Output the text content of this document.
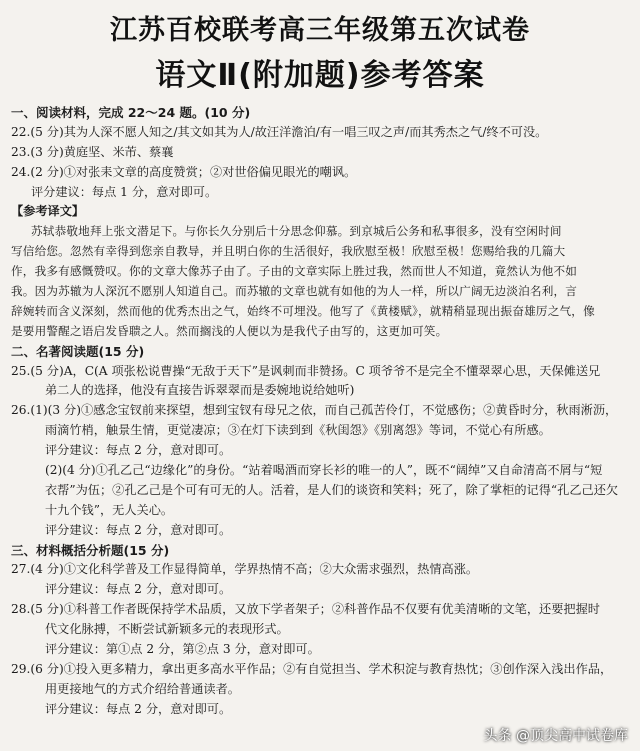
江苏百校联考高三年级第五次试卷
语文Ⅱ(附加题)参考答案
一、阅读材料，完成 22～24 题。(10 分)
22.(5 分)其为人深不愿人知之/其文如其为人/故汪洋澹泊/有一唱三叹之声/而其秀杰之气/终不可没。
23.(3 分)黄庭坚、米芾、蔡襄
24.(2 分)①对张耒文章的高度赞赏；②对世俗偏见眼光的嘲讽。
评分建议：每点 1 分，意对即可。
【参考译文】
苏轼恭敬地拜上张文潜足下。与你长久分别后十分思念仰慕。到京城后公务和私事很多，没有空闲时间
写信给您。忽然有幸得到您亲自教导，并且明白你的生活很好，我欣慰至极！欣慰至极！您赐给我的几篇大
作，我多有感慨赞叹。你的文章大像苏子由了。子由的文章实际上胜过我，然而世人不知道，竟然认为他不如
我。因为苏辙为人深沉不愿别人知道自己。而苏辙的文章也就有如他的为人一样，所以广阔无边淡泊名利，言
辞婉转而含义深刻，然而他的优秀杰出之气，始终不可埋没。他写了《黄楼赋》，就精稍显现出振奋雄厉之气，像
是要用警醒之语启发昏聩之人。然而搁浅的人便以为是我代子由写的，这更加可笑。
二、名著阅读题(15 分)
25.(5 分)A，C(A 项张松说曹操“无敌于天下”是讽刺而非赞扬。C 项爷爷不是完全不懂翠翠心思，天保傩送兄
弟二人的选择，他没有直接告诉翠翠而是委婉地说给她听)
26.(1)(3 分)①感念宝钗前来探望，想到宝钗有母兄之依，而自己孤苦伶仃，不觉感伤；②黄昏时分，秋雨淅沥，
雨滴竹梢，触景生情，更觉凄凉；③在灯下读到到《秋闺怨》《别离怨》等词，不觉心有所感。
评分建议：每点 2 分，意对即可。
(2)(4 分)①孔乙己“边缘化”的身份。“站着喝酒而穿长衫的唯一的人”，既不“阔绰”又自命清高不屑与“短
衣帮”为伍；②孔乙己是个可有可无的人。活着，是人们的谈资和笑料；死了，除了掌柜的记得“孔乙己还欠
十九个钱”，无人关心。
评分建议：每点 2 分，意对即可。
三、材料概括分析题(15 分)
27.(4 分)①文化科学普及工作显得简单，学界热情不高；②大众需求强烈，热情高涨。
评分建议：每点 2 分，意对即可。
28.(5 分)①科普工作者既保持学术品质，又放下学者架子；②科普作品不仅要有优美清晰的文笔，还要把握时
代文化脉搏，不断尝试新颖多元的表现形式。
评分建议：第①点 2 分，第②点 3 分，意对即可。
29.(6 分)①投入更多精力，拿出更多高水平作品；②有自觉担当、学术积淀与教育热忱；③创作深入浅出作品，
用更接地气的方式介绍给普通读者。
评分建议：每点 2 分，意对即可。
头条 @顶尖高中试卷库
